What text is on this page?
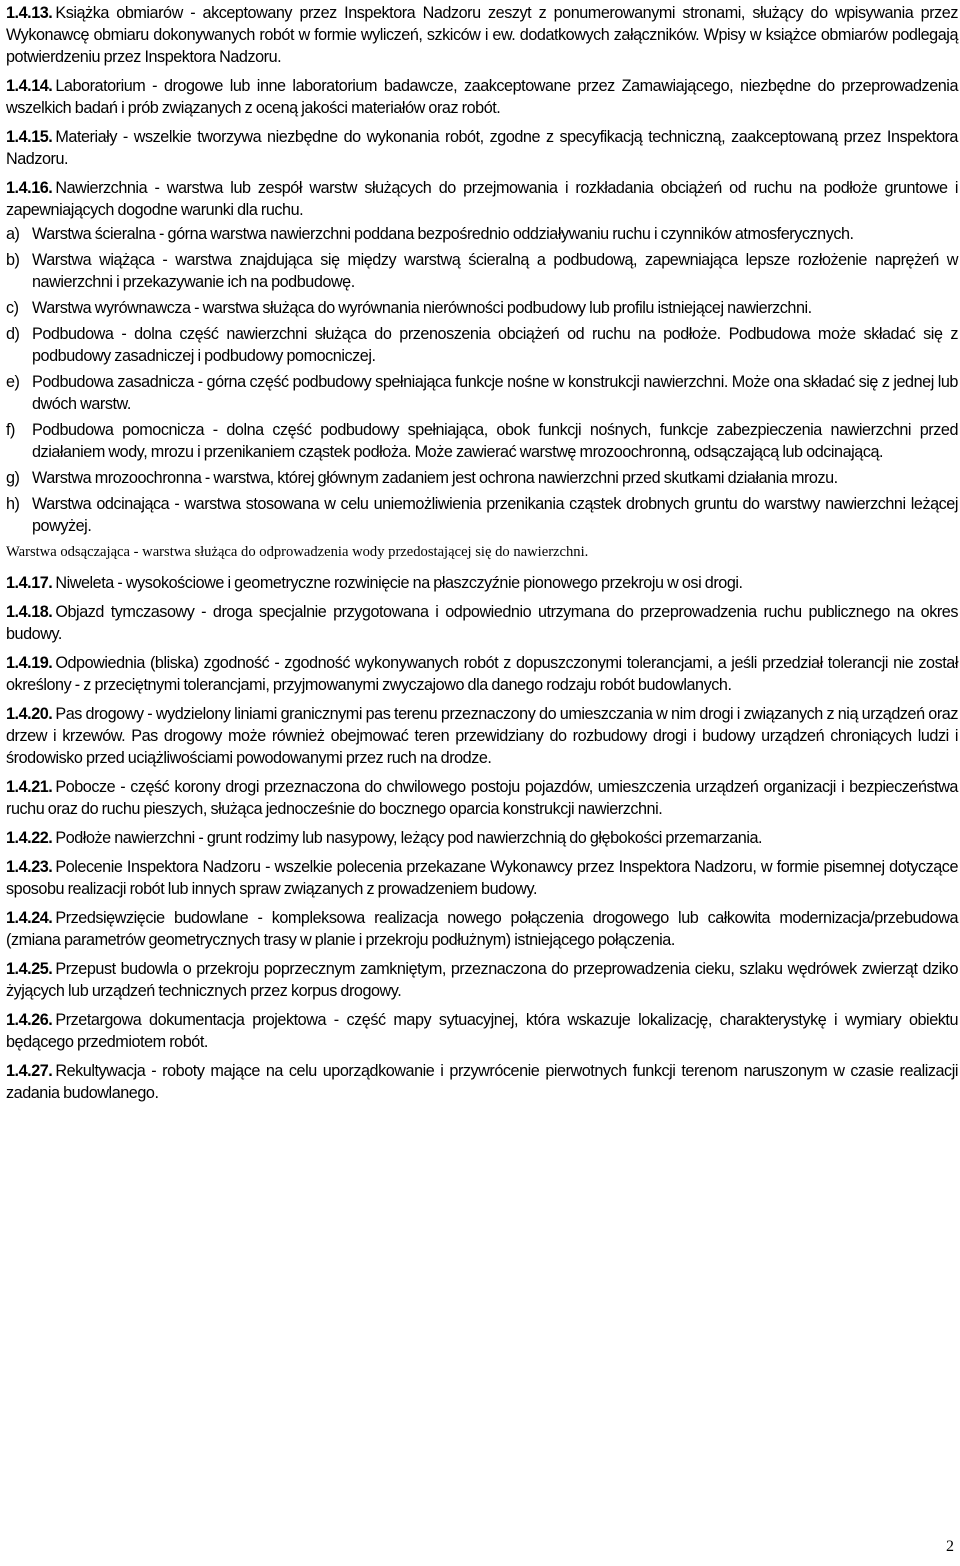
1.4.13. Książka obmiarów - akceptowany przez Inspektora Nadzoru zeszyt z ponumerowanymi stronami, służący do wpisywania przez Wykonawcę obmiaru dokonywanych robót w formie wyliczeń, szkiców i ew. dodatkowych załączników. Wpisy w książce obmiarów podlegają potwierdzeniu przez Inspektora Nadzoru.

1.4.14. Laboratorium - drogowe lub inne laboratorium badawcze, zaakceptowane przez Zamawiającego, niezbędne do przeprowadzenia wszelkich badań i prób związanych z oceną jakości materiałów oraz robót.

1.4.15. Materiały - wszelkie tworzywa niezbędne do wykonania robót, zgodne z specyfikacją techniczną, zaakceptowaną przez Inspektora Nadzoru.

1.4.16. Nawierzchnia - warstwa lub zespół warstw służących do przejmowania i rozkładania obciążeń od ruchu na podłoże gruntowe i zapewniających dogodne warunki dla ruchu.

a) Warstwa ścieralna - górna warstwa nawierzchni poddana bezpośrednio oddziaływaniu ruchu i czynników atmosferycznych.
b) Warstwa wiążąca - warstwa znajdująca się między warstwą ścieralną a podbudową, zapewniająca lepsze rozłożenie naprężeń w nawierzchni i przekazywanie ich na podbudowę.
c) Warstwa wyrównawcza - warstwa służąca do wyrównania nierówności podbudowy lub profilu istniejącej nawierzchni.
d) Podbudowa - dolna część nawierzchni służąca do przenoszenia obciążeń od ruchu na podłoże. Podbudowa może składać się z podbudowy zasadniczej i podbudowy pomocniczej.
e) Podbudowa zasadnicza - górna część podbudowy spełniająca funkcje nośne w konstrukcji nawierzchni. Może ona składać się z jednej lub dwóch warstw.
f) Podbudowa pomocnicza - dolna część podbudowy spełniająca, obok funkcji nośnych, funkcje zabezpieczenia nawierzchni przed działaniem wody, mrozu i przenikaniem cząstek podłoża. Może zawierać warstwę mrozoochronną, odsączającą lub odcinającą.
g) Warstwa mrozoochronna - warstwa, której głównym zadaniem jest ochrona nawierzchni przed skutkami działania mrozu.
h) Warstwa odcinająca - warstwa stosowana w celu uniemożliwienia przenikania cząstek drobnych gruntu do warstwy nawierzchni leżącej powyżej.

Warstwa odsączająca - warstwa służąca do odprowadzenia wody przedostającej się do nawierzchni.

1.4.17. Niweleta - wysokościowe i geometryczne rozwinięcie na płaszczyźnie pionowego przekroju w osi drogi.

1.4.18. Objazd tymczasowy - droga specjalnie przygotowana i odpowiednio utrzymana do przeprowadzenia ruchu publicznego na okres budowy.

1.4.19. Odpowiednia (bliska) zgodność - zgodność wykonywanych robót z dopuszczonymi tolerancjami, a jeśli przedział tolerancji nie został określony - z przeciętnymi tolerancjami, przyjmowanymi zwyczajowo dla danego rodzaju robót budowlanych.

1.4.20. Pas drogowy - wydzielony liniami granicznymi pas terenu przeznaczony do umieszczania w nim drogi i związanych z nią urządzeń oraz drzew i krzewów. Pas drogowy może również obejmować teren przewidziany do rozbudowy drogi i budowy urządzeń chroniących ludzi i środowisko przed uciążliwościami powodowanymi przez ruch na drodze.

1.4.21. Pobocze - część korony drogi przeznaczona do chwilowego postoju pojazdów, umieszczenia urządzeń organizacji i bezpieczeństwa ruchu oraz do ruchu pieszych, służąca jednocześnie do bocznego oparcia konstrukcji nawierzchni.

1.4.22. Podłoże nawierzchni - grunt rodzimy lub nasypowy, leżący pod nawierzchnią do głębokości przemarzania.

1.4.23. Polecenie Inspektora Nadzoru - wszelkie polecenia przekazane Wykonawcy przez Inspektora Nadzoru, w formie pisemnej dotyczące sposobu realizacji robót lub innych spraw związanych z prowadzeniem budowy.

1.4.24. Przedsięwzięcie budowlane - kompleksowa realizacja nowego połączenia drogowego lub całkowita modernizacja/przebudowa (zmiana parametrów geometrycznych trasy w planie i przekroju podłużnym) istniejącego połączenia.

1.4.25. Przepust budowla o przekroju poprzecznym zamkniętym, przeznaczona do przeprowadzenia cieku, szlaku wędrówek zwierząt dziko żyjących lub urządzeń technicznych przez korpus drogowy.

1.4.26. Przetargowa dokumentacja projektowa - część mapy sytuacyjnej, która wskazuje lokalizację, charakterystykę i wymiary obiektu będącego przedmiotem robót.

1.4.27. Rekultywacja - roboty mające na celu uporządkowanie i przywrócenie pierwotnych funkcji terenom naruszonym w czasie realizacji zadania budowlanego.

2
